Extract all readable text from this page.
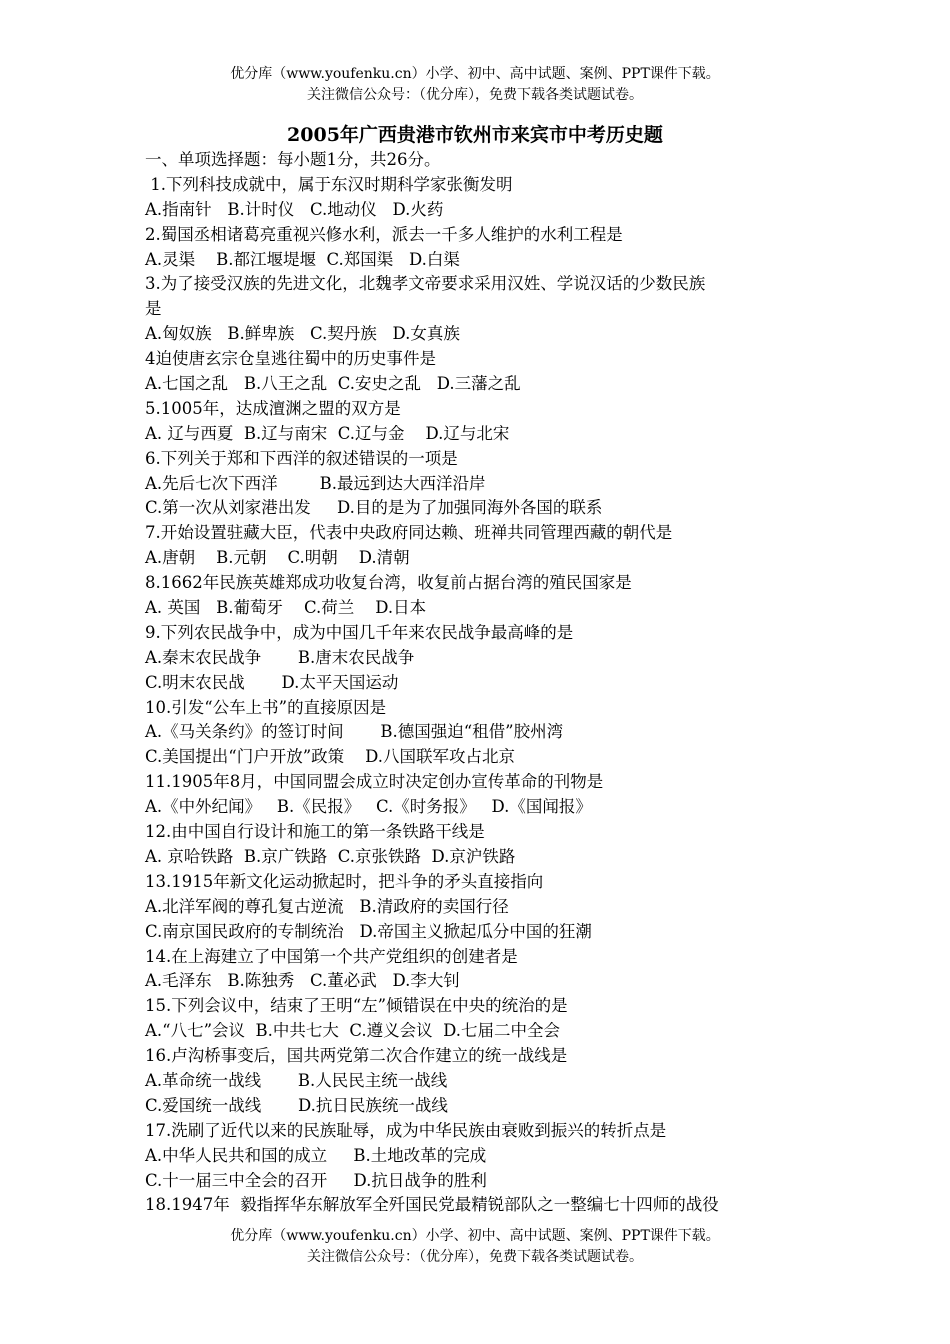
优分库（www.youfenku.cn）小学、初中、高中试题、案例、PPT课件下载。
关注微信公众号：（优分库），免费下载各类试题试卷。
2005年广西贵港市钦州市来宾市中考历史题
一、单项选择题：每小题1分，共26分。
1.下列科技成就中，属于东汉时期科学家张衡发明
A.指南针   B.计时仪   C.地动仪   D.火药
2.蜀国丞相诸葛亮重视兴修水利，派去一千多人维护的水利工程是
A.灵渠    B.都江堰堤堰  C.郑国渠   D.白渠
3.为了接受汉族的先进文化，北魏孝文帝要求采用汉姓、学说汉话的少数民族
是
A.匈奴族   B.鲜卑族   C.契丹族   D.女真族
4迫使唐玄宗仓皇逃往蜀中的历史事件是
A.七国之乱   B.八王之乱  C.安史之乱   D.三藩之乱
5.1005年，达成澶渊之盟的双方是
A. 辽与西夏  B.辽与南宋  C.辽与金    D.辽与北宋
6.下列关于郑和下西洋的叙述错误的一项是
A.先后七次下西洋        B.最远到达大西洋沿岸
C.第一次从刘家港出发     D.目的是为了加强同海外各国的联系
7.开始设置驻藏大臣，代表中央政府同达赖、班禅共同管理西藏的朝代是
A.唐朝    B.元朝    C.明朝    D.清朝
8.1662年民族英雄郑成功收复台湾，收复前占据台湾的殖民国家是
A. 英国   B.葡萄牙    C.荷兰    D.日本
9.下列农民战争中，成为中国几千年来农民战争最高峰的是
A.秦末农民战争       B.唐末农民战争
C.明末农民战       D.太平天国运动
10.引发“公车上书”的直接原因是
A.《马关条约》的签订时间       B.德国强迫“租借”胶州湾
C.美国提出“门户开放”政策    D.八国联军攻占北京
11.1905年8月，中国同盟会成立时决定创办宣传革命的刊物是
A.《中外纪闻》   B.《民报》   C.《时务报》   D.《国闻报》
12.由中国自行设计和施工的第一条铁路干线是
A. 京哈铁路  B.京广铁路  C.京张铁路  D.京沪铁路
13.1915年新文化运动掀起时，把斗争的矛头直接指向
A.北洋军阀的尊孔复古逆流   B.清政府的卖国行径
C.南京国民政府的专制统治   D.帝国主义掀起瓜分中国的狂潮
14.在上海建立了中国第一个共产党组织的创建者是
A.毛泽东   B.陈独秀   C.董必武   D.李大钊
15.下列会议中，结束了王明“左”倾错误在中央的统治的是
A.“八七”会议  B.中共七大  C.遵义会议  D.七届二中全会
16.卢沟桥事变后，国共两党第二次合作建立的统一战线是
A.革命统一战线       B.人民民主统一战线
C.爱国统一战线       D.抗日民族统一战线
17.洗刷了近代以来的民族耻辱，成为中华民族由衰败到振兴的转折点是
A.中华人民共和国的成立     B.土地改革的完成
C.十一届三中全会的召开     D.抗日战争的胜利
18.1947年  毅指挥华东解放军全歼国民党最精锐部队之一整编七十四师的战役
优分库（www.youfenku.cn）小学、初中、高中试题、案例、PPT课件下载。
关注微信公众号：（优分库），免费下载各类试题试卷。
